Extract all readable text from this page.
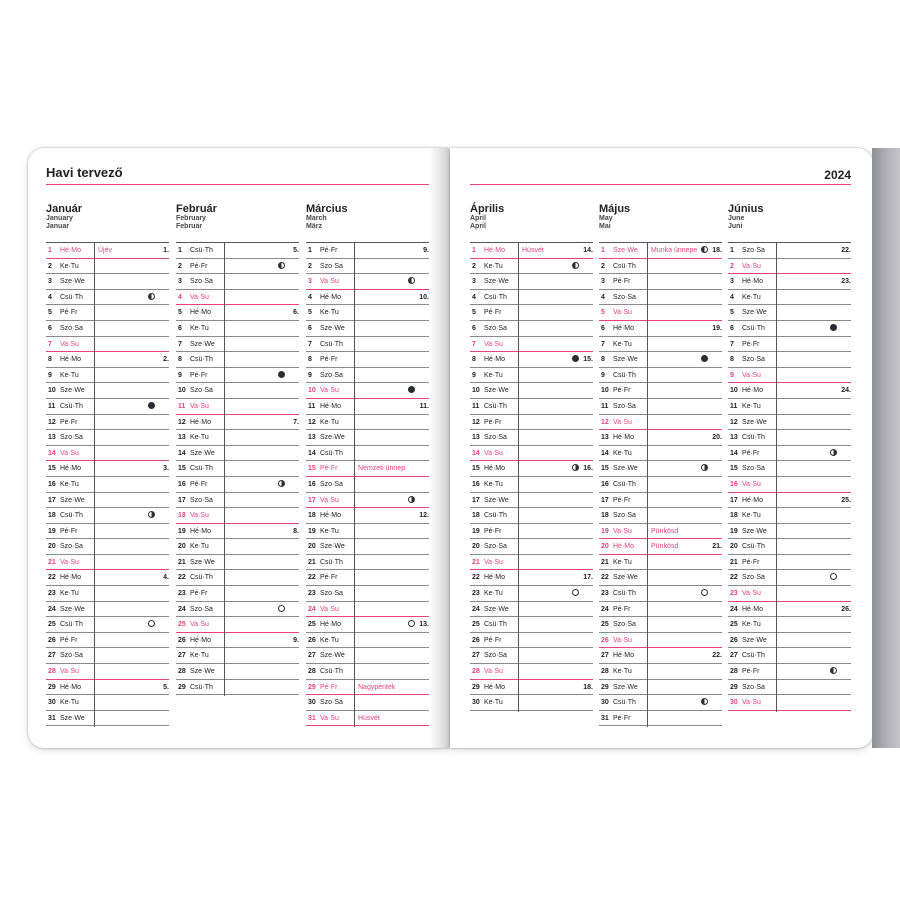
Havi tervező
Január
January
Januar
1	Hé·Mo Újév	1.
2	Ke·Tu
3	Sze·We
4	Csü·Th
5	Pé·Fr
6	Szo·Sa
7	Va·Su
8	Hé·Mo	2.
9	Ke·Tu
10 Sze·We
11 Csü·Th
12 Pé·Fr
13 Szo·Sa
14 Va·Su
15 Hé·Mo	3.
16 Ke·Tu
17 Sze·We
18 Csü·Th
19 Pé·Fr
20 Szo·Sa
21 Va·Su
22 Hé·Mo	4.
23 Ke·Tu
24 Sze·We
25 Csü·Th
26 Pé·Fr
27 Szo·Sa
28 Va·Su
29 Hé·Mo	5.
30 Ke·Tu
31 Sze·We
Február
February
Februar
1	Csü·Th	5.
2	Pé·Fr
3	Szo·Sa
4	Va·Su
5	Hé·Mo	6.
6	Ke·Tu
7	Sze·We
8	Csü·Th
9	Pé·Fr
10 Szo·Sa
11 Va·Su
12 Hé·Mo	7.
13 Ke·Tu
14 Sze·We
15 Csü·Th
16 Pé·Fr
17 Szo·Sa
18 Va·Su
19 Hé·Mo	8.
20 Ke·Tu
21 Sze·We
22 Csü·Th
23 Pé·Fr
24 Szo·Sa
25 Va·Su
26 Hé·Mo	9.
27 Ke·Tu
28 Sze·We
29 Csü·Th
Március
March
März
1	Pé·Fr	9.
2	Szo·Sa
3	Va·Su
4	Hé·Mo	10.
5	Ke·Tu
6	Sze·We
7	Csü·Th
8	Pé·Fr
9	Szo·Sa
10 Va·Su
11 Hé·Mo	11.
12 Ke·Tu
13 Sze·We
14 Csü·Th
15 Pé·Fr	Nemzeti ünnep
16 Szo·Sa
17 Va·Su
18 Hé·Mo	12.
19 Ke·Tu
20 Sze·We
21 Csü·Th
22 Pé·Fr
23 Szo·Sa
24 Va·Su
25 Hé·Mo	13.
26 Ke·Tu
27 Sze·We
28 Csü·Th
29 Pé·Fr	Nagypéntek
30 Szo·Sa
31 Va·Su	Húsvét
2024
Április
April
April
1	Hé·Mo Húsvét	14.
2	Ke·Tu
3	Sze·We
4	Csü·Th
5	Pé·Fr
6	Szo·Sa
7	Va·Su
8	Hé·Mo	15.
9	Ke·Tu
10 Sze·We
11 Csü·Th
12 Pé·Fr
13 Szo·Sa
14 Va·Su
15 Hé·Mo	16.
16 Ke·Tu
17 Sze·We
18 Csü·Th
19 Pé·Fr
20 Szo·Sa
21 Va·Su
22 Hé·Mo	17.
23 Ke·Tu
24 Sze·We
25 Csü·Th
26 Pé·Fr
27 Szo·Sa
28 Va·Su
29 Hé·Mo	18.
30 Ke·Tu
Május
May
Mai
1	Sze·We Munka ünnepe 18.
2	Csü·Th
3	Pé·Fr
4	Szo·Sa
5	Va·Su
6	Hé·Mo	19.
7	Ke·Tu
8	Sze·We
9	Csü·Th
10 Pé·Fr
11 Szo·Sa
12 Va·Su
13 Hé·Mo	20.
14 Ke·Tu
15 Sze·We
16 Csü·Th
17 Pé·Fr
18 Szo·Sa
19 Va·Su	Pünkösd
20 Hé·Mo Pünkösd	21.
21 Ke·Tu
22 Sze·We
23 Csü·Th
24 Pé·Fr
25 Szo·Sa
26 Va·Su
27 Hé·Mo	22.
28 Ke·Tu
29 Sze·We
30 Csü·Th
31 Pé·Fr
Június
June
Juni
1	Szo·Sa	22.
2	Va·Su
3	Hé·Mo	23.
4	Ke·Tu
5	Sze·We
6	Csü·Th
7	Pé·Fr
8	Szo·Sa
9	Va·Su
10 Hé·Mo	24.
11 Ke·Tu
12 Sze·We
13 Csü·Th
14 Pé·Fr
15 Szo·Sa
16 Va·Su
17 Hé·Mo	25.
18 Ke·Tu
19 Sze·We
20 Csü·Th
21 Pé·Fr
22 Szo·Sa
23 Va·Su
24 Hé·Mo	26.
25 Ke·Tu
26 Sze·We
27 Csü·Th
28 Pé·Fr
29 Szo·Sa
30 Va·Su
